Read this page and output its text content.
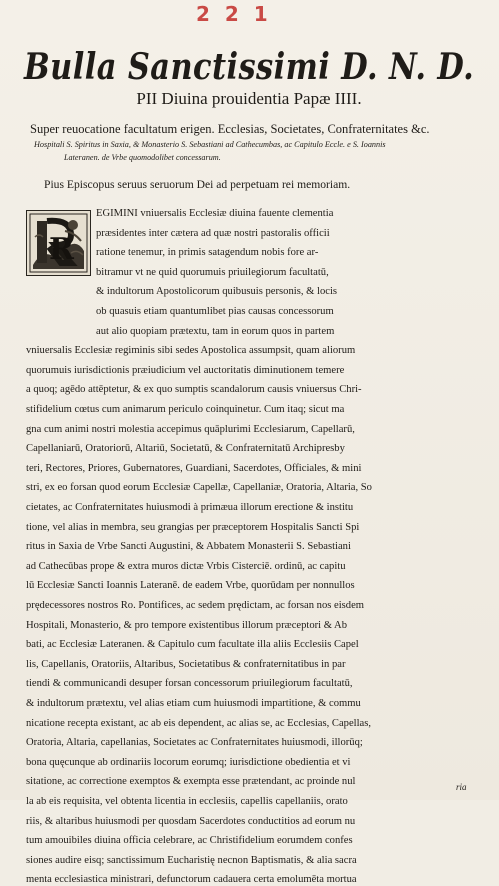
2 2 1
Bulla Sanctissimi D. N. D.
PII Diuina prouidentia Papæ IIII.
Super reuocatione facultatum erigen. Ecclesias, Societates, Confraternitates &c.
Hospitali S. Spiritus in Saxia, & Monasterio S. Sebastiani ad Cathecumbas, ac Capitulo Eccle. e S. Ioannis
Lateranen. de Vrbe quomodolibet concessarum.
Pius Episcopus seruus seruorum Dei ad perpetuam rei memoriam.
R
EGIMINI vniuersalis Ecclesiæ diuina fauente clementia
præsidentes inter cætera ad quæ nostri pastoralis officii
ratione tenemur, in primis satagendum nobis fore ar-
bitramur vt ne quid quorumuis priuilegiorum facultatū,
& indultorum Apostolicorum quibusuis personis, & locis
ob quasuis etiam quantumlibet pias causas concessorum
aut alio quopiam prætextu, tam in eorum quos in partem
vniuersalis Ecclesiæ regiminis sibi sedes Apostolica assumpsit, quam aliorum
quorumuis iurisdictionis præiudicium vel auctoritatis diminutionem temere
a quoq; agēdo attēptetur, & ex quo sumptis scandalorum causis vniuersus Chri-
stifidelium cœtus cum animarum periculo coinquinetur. Cum itaq; sicut ma
gna cum animi nostri molestia accepimus quāplurimi Ecclesiarum, Capellarū,
Capellaniarū, Oratoriorū, Altariū, Societatū, & Confraternitatū Archipresby
teri, Rectores, Priores, Gubernatores, Guardiani, Sacerdotes, Officiales, & mini
stri, ex eo forsan quod eorum Ecclesiæ Capellæ, Capellaniæ, Oratoria, Altaria, So
cietates, ac Confraternitates huiusmodi à primæua illorum erectione & institu
tione, vel alias in membra, seu grangias per præceptorem Hospitalis Sancti Spi
ritus in Saxia de Vrbe Sancti Augustini, & Abbatem Monasterii S. Sebastiani
ad Cathecūbas prope & extra muros dictæ Vrbis Cisterciē. ordinū, ac capitu
lū Ecclesiæ Sancti Ioannis Lateranē. de eadem Vrbe, quorūdam per nonnullos
prędecessores nostros Ro. Pontifices, ac sedem prędictam, ac forsan nos eisdem
Hospitali, Monasterio, & pro tempore existentibus illorum præceptori & Ab
bati, ac Ecclesiæ Lateranen. & Capitulo cum facultate illa aliis Ecclesiis Capel
lis, Capellanis, Oratoriis, Altaribus, Societatibus & confraternitatibus in par
tiendi & communicandi desuper forsan concessorum priuilegiorum facultatū,
& indultorum prætextu, vel alias etiam cum huiusmodi impartitione, & commu
nicatione recepta existant, ac ab eis dependent, ac alias se, ac Ecclesias, Capellas,
Oratoria, Altaria, capellanias, Societates ac Confraternitates huiusmodi, illorūq;
bona quęcunque ab ordinariis locorum eorumq; iurisdictione obedientia et vi
sitatione, ac correctione exemptos & exempta esse prætendant, ac proinde nul
la ab eis requisita, vel obtenta licentia in ecclesiis, capellis capellaniis, orato
riis, & altaribus huiusmodi per quosdam Sacerdotes conductitios ad eorum nu
tum amouibiles diuina officia celebrare, ac Christifidelium eorumdem confes
siones audire eisq; sanctissimum Eucharistię necnon Baptismatis, & alia sacra
menta ecclesiastica ministrari, defunctorum cadauera certa emolumēta mortua
ria
